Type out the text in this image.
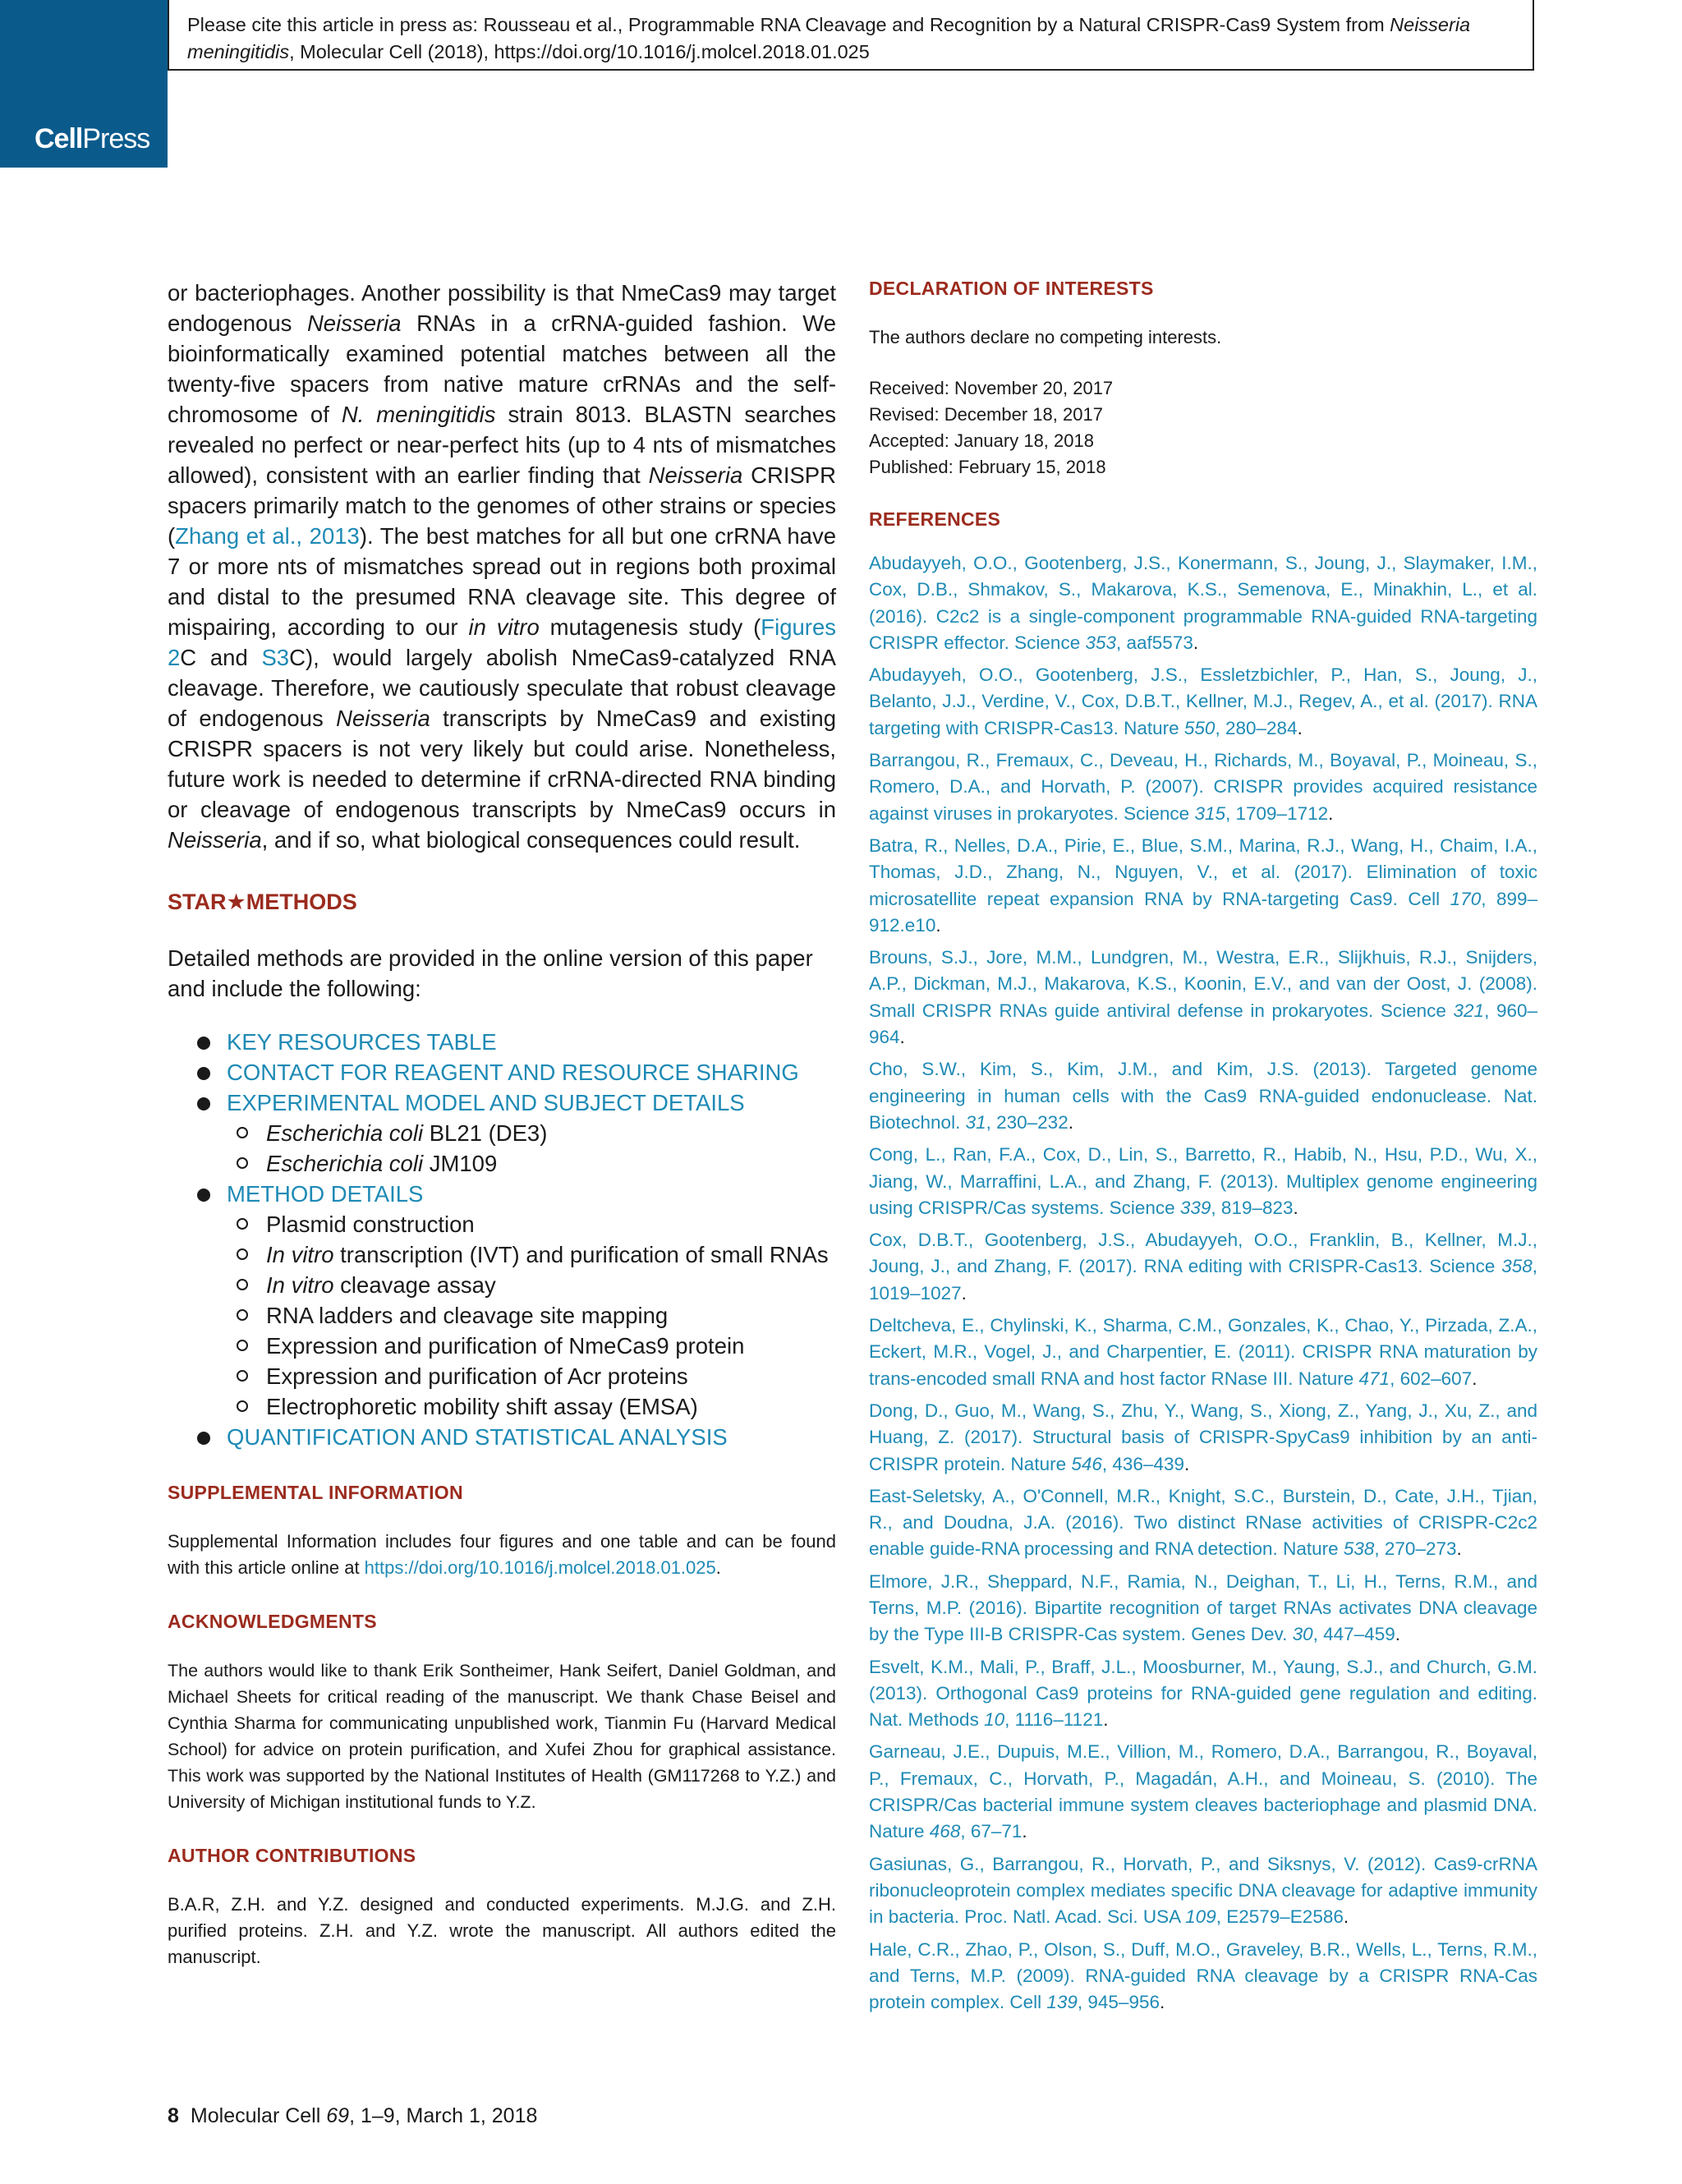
CellPress
Please cite this article in press as: Rousseau et al., Programmable RNA Cleavage and Recognition by a Natural CRISPR-Cas9 System from Neisseria meningitidis, Molecular Cell (2018), https://doi.org/10.1016/j.molcel.2018.01.025

or bacteriophages. Another possibility is that NmeCas9 may target endogenous Neisseria RNAs in a crRNA-guided fashion. We bioinformatically examined potential matches between all the twenty-five spacers from native mature crRNAs and the self-chromosome of N. meningitidis strain 8013. BLASTN searches revealed no perfect or near-perfect hits (up to 4 nts of mismatches allowed), consistent with an earlier finding that Neisseria CRISPR spacers primarily match to the genomes of other strains or species (Zhang et al., 2013). The best matches for all but one crRNA have 7 or more nts of mismatches spread out in regions both proximal and distal to the presumed RNA cleavage site. This degree of mispairing, according to our in vitro mutagenesis study (Figures 2C and S3C), would largely abolish NmeCas9-catalyzed RNA cleavage. Therefore, we cautiously speculate that robust cleavage of endogenous Neisseria transcripts by NmeCas9 and existing CRISPR spacers is not very likely but could arise. Nonetheless, future work is needed to determine if crRNA-directed RNA binding or cleavage of endogenous transcripts by NmeCas9 occurs in Neisseria, and if so, what biological consequences could result.

STAR★METHODS

Detailed methods are provided in the online version of this paper and include the following:

KEY RESOURCES TABLE
CONTACT FOR REAGENT AND RESOURCE SHARING
EXPERIMENTAL MODEL AND SUBJECT DETAILS
Escherichia coli BL21 (DE3)
Escherichia coli JM109
METHOD DETAILS
Plasmid construction
In vitro transcription (IVT) and purification of small RNAs
In vitro cleavage assay
RNA ladders and cleavage site mapping
Expression and purification of NmeCas9 protein
Expression and purification of Acr proteins
Electrophoretic mobility shift assay (EMSA)
QUANTIFICATION AND STATISTICAL ANALYSIS

SUPPLEMENTAL INFORMATION

Supplemental Information includes four figures and one table and can be found with this article online at https://doi.org/10.1016/j.molcel.2018.01.025.

ACKNOWLEDGMENTS

The authors would like to thank Erik Sontheimer, Hank Seifert, Daniel Goldman, and Michael Sheets for critical reading of the manuscript. We thank Chase Beisel and Cynthia Sharma for communicating unpublished work, Tianmin Fu (Harvard Medical School) for advice on protein purification, and Xufei Zhou for graphical assistance. This work was supported by the National Institutes of Health (GM117268 to Y.Z.) and University of Michigan institutional funds to Y.Z.

AUTHOR CONTRIBUTIONS

B.A.R, Z.H. and Y.Z. designed and conducted experiments. M.J.G. and Z.H. purified proteins. Z.H. and Y.Z. wrote the manuscript. All authors edited the manuscript.

DECLARATION OF INTERESTS

The authors declare no competing interests.

Received: November 20, 2017
Revised: December 18, 2017
Accepted: January 18, 2018
Published: February 15, 2018

REFERENCES

Abudayyeh, O.O., Gootenberg, J.S., Konermann, S., Joung, J., Slaymaker, I.M., Cox, D.B., Shmakov, S., Makarova, K.S., Semenova, E., Minakhin, L., et al. (2016). C2c2 is a single-component programmable RNA-guided RNA-targeting CRISPR effector. Science 353, aaf5573.

Abudayyeh, O.O., Gootenberg, J.S., Essletzbichler, P., Han, S., Joung, J., Belanto, J.J., Verdine, V., Cox, D.B.T., Kellner, M.J., Regev, A., et al. (2017). RNA targeting with CRISPR-Cas13. Nature 550, 280–284.

Barrangou, R., Fremaux, C., Deveau, H., Richards, M., Boyaval, P., Moineau, S., Romero, D.A., and Horvath, P. (2007). CRISPR provides acquired resistance against viruses in prokaryotes. Science 315, 1709–1712.

Batra, R., Nelles, D.A., Pirie, E., Blue, S.M., Marina, R.J., Wang, H., Chaim, I.A., Thomas, J.D., Zhang, N., Nguyen, V., et al. (2017). Elimination of toxic microsatellite repeat expansion RNA by RNA-targeting Cas9. Cell 170, 899–912.e10.

Brouns, S.J., Jore, M.M., Lundgren, M., Westra, E.R., Slijkhuis, R.J., Snijders, A.P., Dickman, M.J., Makarova, K.S., Koonin, E.V., and van der Oost, J. (2008). Small CRISPR RNAs guide antiviral defense in prokaryotes. Science 321, 960–964.

Cho, S.W., Kim, S., Kim, J.M., and Kim, J.S. (2013). Targeted genome engineering in human cells with the Cas9 RNA-guided endonuclease. Nat. Biotechnol. 31, 230–232.

Cong, L., Ran, F.A., Cox, D., Lin, S., Barretto, R., Habib, N., Hsu, P.D., Wu, X., Jiang, W., Marraffini, L.A., and Zhang, F. (2013). Multiplex genome engineering using CRISPR/Cas systems. Science 339, 819–823.

Cox, D.B.T., Gootenberg, J.S., Abudayyeh, O.O., Franklin, B., Kellner, M.J., Joung, J., and Zhang, F. (2017). RNA editing with CRISPR-Cas13. Science 358, 1019–1027.

Deltcheva, E., Chylinski, K., Sharma, C.M., Gonzales, K., Chao, Y., Pirzada, Z.A., Eckert, M.R., Vogel, J., and Charpentier, E. (2011). CRISPR RNA maturation by trans-encoded small RNA and host factor RNase III. Nature 471, 602–607.

Dong, D., Guo, M., Wang, S., Zhu, Y., Wang, S., Xiong, Z., Yang, J., Xu, Z., and Huang, Z. (2017). Structural basis of CRISPR-SpyCas9 inhibition by an anti-CRISPR protein. Nature 546, 436–439.

East-Seletsky, A., O'Connell, M.R., Knight, S.C., Burstein, D., Cate, J.H., Tjian, R., and Doudna, J.A. (2016). Two distinct RNase activities of CRISPR-C2c2 enable guide-RNA processing and RNA detection. Nature 538, 270–273.

Elmore, J.R., Sheppard, N.F., Ramia, N., Deighan, T., Li, H., Terns, R.M., and Terns, M.P. (2016). Bipartite recognition of target RNAs activates DNA cleavage by the Type III-B CRISPR-Cas system. Genes Dev. 30, 447–459.

Esvelt, K.M., Mali, P., Braff, J.L., Moosburner, M., Yaung, S.J., and Church, G.M. (2013). Orthogonal Cas9 proteins for RNA-guided gene regulation and editing. Nat. Methods 10, 1116–1121.

Garneau, J.E., Dupuis, M.E., Villion, M., Romero, D.A., Barrangou, R., Boyaval, P., Fremaux, C., Horvath, P., Magadán, A.H., and Moineau, S. (2010). The CRISPR/Cas bacterial immune system cleaves bacteriophage and plasmid DNA. Nature 468, 67–71.

Gasiunas, G., Barrangou, R., Horvath, P., and Siksnys, V. (2012). Cas9-crRNA ribonucleoprotein complex mediates specific DNA cleavage for adaptive immunity in bacteria. Proc. Natl. Acad. Sci. USA 109, E2579–E2586.

Hale, C.R., Zhao, P., Olson, S., Duff, M.O., Graveley, B.R., Wells, L., Terns, R.M., and Terns, M.P. (2009). RNA-guided RNA cleavage by a CRISPR RNA-Cas protein complex. Cell 139, 945–956.

8 Molecular Cell 69, 1–9, March 1, 2018
